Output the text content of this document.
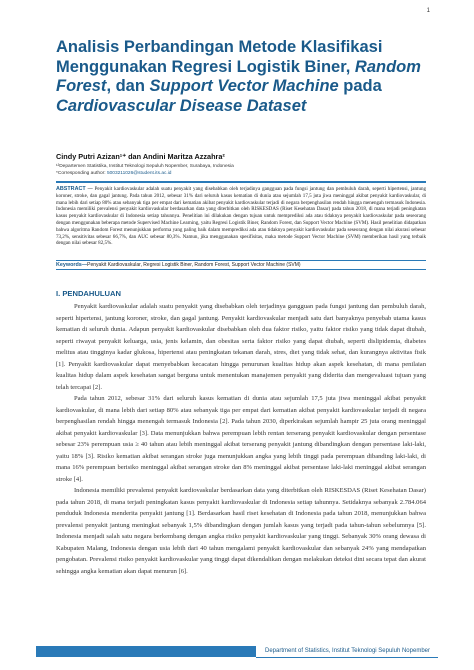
1
Analisis Perbandingan Metode Klasifikasi Menggunakan Regresi Logistik Biner, Random Forest, dan Support Vector Machine pada Cardiovascular Disease Dataset
Cindy Putri Azizan¹⁺ dan Andini Maritza Azzahra²
¹²Departemen Statistika, Institut Teknologi Sepuluh Nopember, Surabaya, Indonesia
*Corresponding author: 5003211026@student.its.ac.id
ABSTRACT — Penyakit kardiovaskular adalah suatu penyakit yang disebabkan oleh terjadinya gangguan pada fungsi jantung dan pembuluh darah, seperti hipertensi, jantung koroner, stroke, dan gagal jantung. Pada tahun 2012, sebesar 31% dari seluruh kasus kematian di dunia atau sejumlah 17,5 juta jiwa meninggal akibat penyakit kardiovaskular, di mana lebih dari setiap 80% atau sebanyak tiga per empat dari kematian akibat penyakit kardiovaskular terjadi di negara berpenghasilan rendah hingga menengah termasuk Indonesia. Indonesia memiliki prevalensi penyakit kardiovaskular berdasarkan data yang diterbitkan oleh RISKESDAS (Riset Kesehatan Dasar) pada tahun 2018, di mana terjadi peningkatan kasus penyakit kardiovaskular di Indonesia setiap tahunnya. Penelitian ini dilakukan dengan tujuan untuk memprediksi ada atau tidaknya penyakit kardiovaskular pada seseorang dengan menggunakan beberapa metode Supervised Machine Learning, yaitu Regresi Logistik Biner, Random Forest, dan Support Vector Machine (SVM). Hasil penelitian didapatkan bahwa algoritma Random Forest menunjukkan performa yang paling baik dalam memprediksi ada atau tidaknya penyakit kardiovaskular pada seseorang dengan nilai akurasi sebesar 73,2%, sensitivitas sebesar 66,7%, dan AUC sebesar 80,3%. Namun, jika menggunakan spesifisitas, maka metode Support Vector Machine (SVM) memberikan hasil yang terbaik dengan nilai sebesar 82,5%.
Keywords—Penyakit Kardiovaskular, Regresi Logistik Biner, Random Forest, Support Vector Machine (SVM)
I. PENDAHULUAN

Penyakit kardiovaskular adalah suatu penyakit yang disebabkan oleh terjadinya gangguan pada fungsi jantung dan pembuluh darah, seperti hipertensi, jantung koroner, stroke, dan gagal jantung. Penyakit kardiovaskular menjadi satu dari banyaknya penyebab utama kasus kematian di seluruh dunia. Adapun penyakit kardiovaskular disebabkan oleh dua faktor risiko, yaitu faktor risiko yang tidak dapat diubah, seperti riwayat penyakit keluarga, usia, jenis kelamin, dan obesitas serta faktor risiko yang dapat diubah, seperti dislipidemia, diabetes melitus atau tingginya kadar glukosa, hipertensi atau peningkatan tekanan darah, stres, diet yang tidak sehat, dan kurangnya aktivitas fisik [1]. Penyakit kardiovaskular dapat menyebabkan kecacatan hingga penurunan kualitas hidup akan aspek kesehatan, di mana penilaian kualitas hidup dalam aspek kesehatan sangat berguna untuk menentukan manajemen penyakit yang diderita dan mengevaluasi tujuan yang telah tercapai [2].

Pada tahun 2012, sebesar 31% dari seluruh kasus kematian di dunia atau sejumlah 17,5 juta jiwa meninggal akibat penyakit kardiovaskular, di mana lebih dari setiap 80% atau sebanyak tiga per empat dari kematian akibat penyakit kardiovaskular terjadi di negara berpenghasilan rendah hingga menengah termasuk Indonesia [2]. Pada tahun 2030, diperkirakan sejumlah hampir 25 juta orang meninggal akibat penyakit kardiovaskular [3]. Data menunjukkan bahwa perempuan lebih rentan terserang penyakit kardiovaskular dengan persentase sebesar 23% perempuan usia ≥ 40 tahun atau lebih meninggal akibat terserang penyakit jantung dibandingkan dengan persentase laki-laki, yaitu 18% [3]. Risiko kematian akibat serangan stroke juga menunjukkan angka yang lebih tinggi pada perempuan dibanding laki-laki, di mana 16% perempuan berisiko meninggal akibat serangan stroke dan 8% meninggal akibat persentase laki-laki meninggal akibat serangan stroke [4].

Indonesia memiliki prevalensi penyakit kardiovaskular berdasarkan data yang diterbitkan oleh RISKESDAS (Riset Kesehatan Dasar) pada tahun 2018, di mana terjadi peningkatan kasus penyakit kardiovaskular di Indonesia setiap tahunnya. Setidaknya sebanyak 2.784.064 penduduk Indonesia menderita penyakit jantung [1]. Berdasarkan hasil riset kesehatan di Indonesia pada tahun 2018, menunjukkan bahwa prevalensi penyakit jantung meningkat sebanyak 1,5% dibandingkan dengan jumlah kasus yang terjadi pada tahun-tahun sebelumnya [5]. Indonesia menjadi salah satu negara berkembang dengan angka risiko penyakit kardiovaskular yang tinggi. Sebanyak 30% orang dewasa di Kabupaten Malang, Indonesia dengan usia lebih dari 40 tahun mengalami penyakit kardiovaskular dan sebanyak 24% yang mendapatkan pengobatan. Prevalensi risiko penyakit kardiovaskular yang tinggi dapat dikendalikan dengan melakukan deteksi dini secara tepat dan akurat sehingga angka kematian akan dapat menurun [6].

Department of Statistics, Institut Teknologi Sepuluh Nopember
